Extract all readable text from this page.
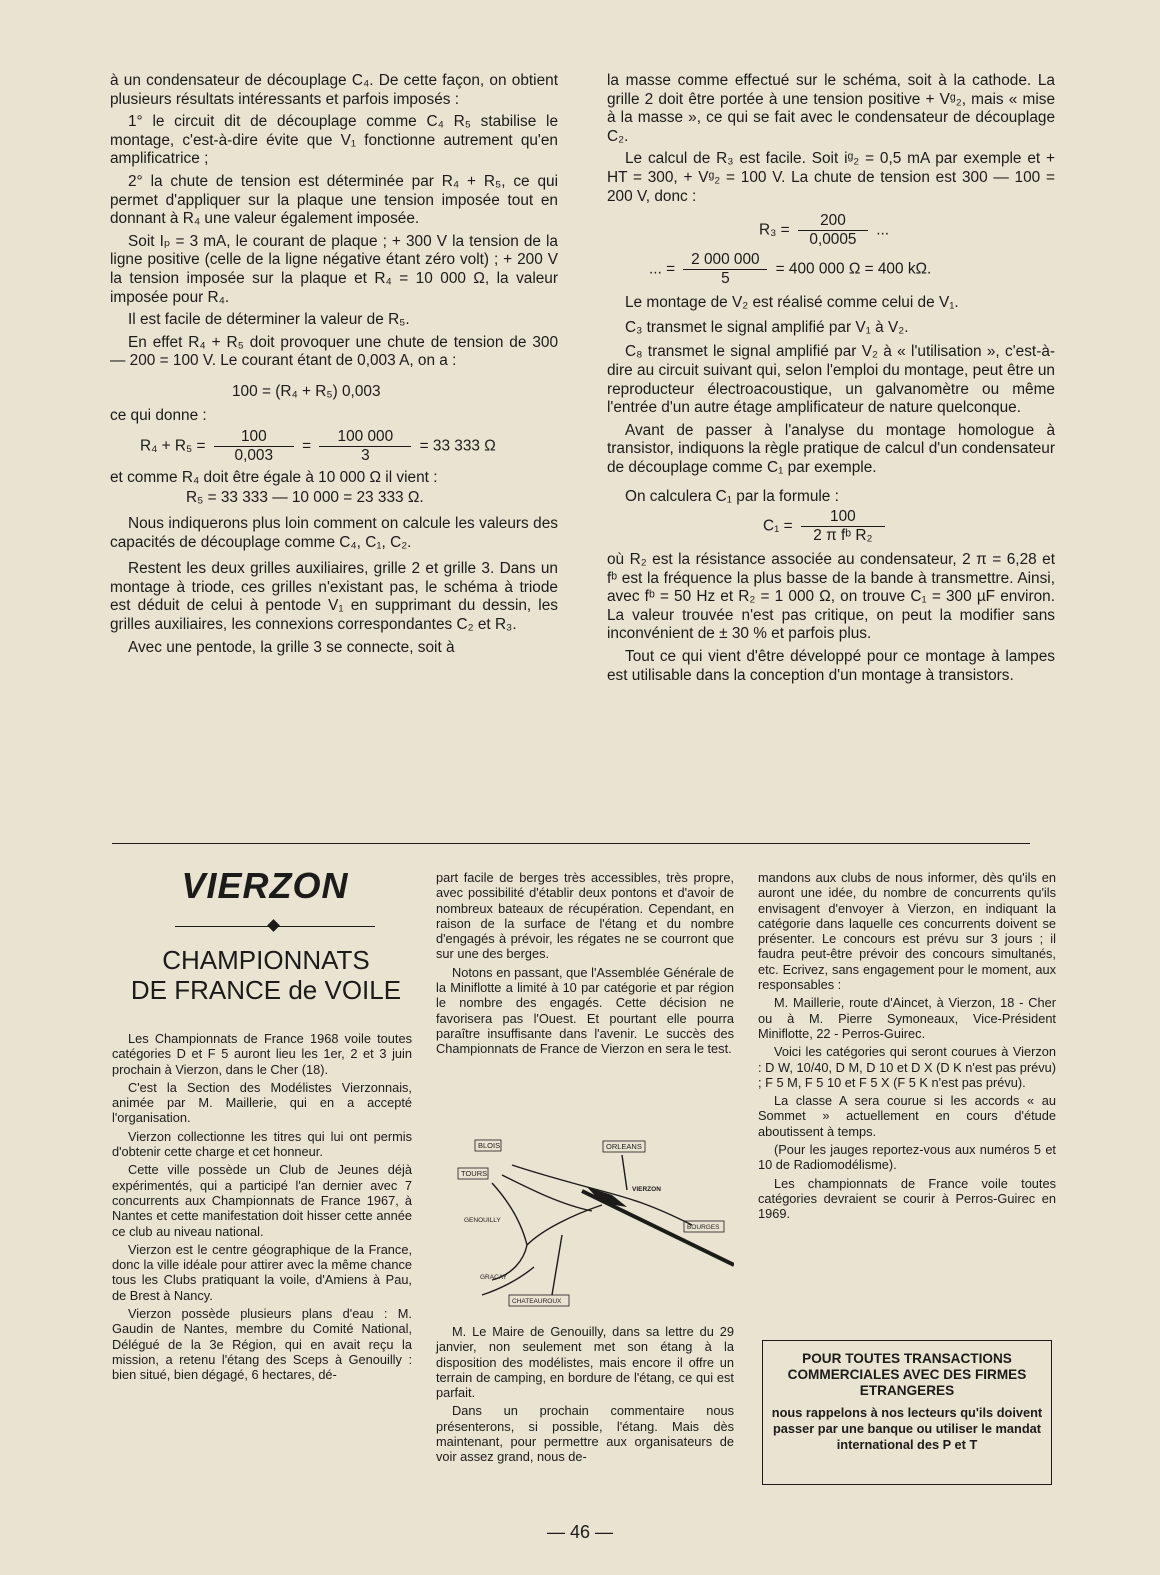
à un condensateur de découplage C₄. De cette façon, on obtient plusieurs résultats intéressants et parfois imposés :

1° le circuit dit de découplage comme C₄ R₅ stabilise le montage, c'est-à-dire évite que V₁ fonctionne autrement qu'en amplificatrice ;

2° la chute de tension est déterminée par R₄ + R₅, ce qui permet d'appliquer sur la plaque une tension imposée tout en donnant à R₄ une valeur également imposée.

Soit Iₚ = 3 mA, le courant de plaque ; + 300 V la tension de la ligne positive (celle de la ligne négative étant zéro volt) ; + 200 V la tension imposée sur la plaque et R₄ = 10 000 Ω, la valeur imposée pour R₄.

Il est facile de déterminer la valeur de R₅.

En effet R₄ + R₅ doit provoquer une chute de tension de 300 — 200 = 100 V. Le courant étant de 0,003 A, on a :

100 = (R₄ + R₅) 0,003

ce qui donne :

$R_4 + R_5 = \frac{100}{0,003} = \frac{100 000}{3} = 33$ 333 Ω

et comme R₄ doit être égale à 10 000 Ω il vient :

R₅ = 33 333 — 10 000 = 23 333 Ω.

Nous indiquerons plus loin comment on calcule les valeurs des capacités de découplage comme C₄, C₁, C₂.

Restent les deux grilles auxiliaires, grille 2 et grille 3. Dans un montage à triode, ces grilles n'existant pas, le schéma à triode est déduit de celui à pentode V₁ en supprimant du dessin, les grilles auxiliaires, les connexions correspondantes C₂ et R₃.

Avec une pentode, la grille 3 se connecte, soit à

la masse comme effectué sur le schéma, soit à la cathode. La grille 2 doit être portée à une tension positive + Vᵍ₂, mais « mise à la masse », ce qui se fait avec le condensateur de découplage C₂.

Le calcul de R₃ est facile. Soit iᵍ₂ = 0,5 mA par exemple et + HT = 300, + Vᵍ₂ = 100 V. La chute de tension est 300 — 100 = 200 V, donc :

$R_3 = \frac{200}{0,0005}$ ...
... = $\frac{2 000 000}{5} = 400$ 000 Ω = 400 kΩ.

Le montage de V₂ est réalisé comme celui de V₁.

C₃ transmet le signal amplifié par V₁ à V₂.

C₈ transmet le signal amplifié par V₂ à « l'utilisation », c'est-à-dire au circuit suivant qui, selon l'emploi du montage, peut être un reproducteur électroacoustique, un galvanomètre ou même l'entrée d'un autre étage amplificateur de nature quelconque.

Avant de passer à l'analyse du montage homologue à transistor, indiquons la règle pratique de calcul d'un condensateur de découplage comme C₁ par exemple.

On calculera C₁ par la formule :

$C_1 = \frac{100}{\text{2 π fᵇ R₂}}$

où R₂ est la résistance associée au condensateur, 2 π = 6,28 et fᵇ est la fréquence la plus basse de la bande à transmettre. Ainsi, avec fᵇ = 50 Hz et R₂ = 1 000 Ω, on trouve C₁ = 300 µF environ. La valeur trouvée n'est pas critique, on peut la modifier sans inconvénient de ± 30 % et parfois plus.

Tout ce qui vient d'être développé pour ce montage à lampes est utilisable dans la conception d'un montage à transistors.

VIERZON
CHAMPIONNATS
DE FRANCE de VOILE

Les Championnats de France 1968 voile toutes catégories D et F 5 auront lieu les 1er, 2 et 3 juin prochain à Vierzon, dans le Cher (18).

C'est la Section des Modélistes Vierzonnais, animée par M. Maillerie, qui en a accepté l'organisation.

Vierzon collectionne les titres qui lui ont permis d'obtenir cette charge et cet honneur.

Cette ville possède un Club de Jeunes déjà expérimentés, qui a participé l'an dernier avec 7 concurrents aux Championnats de France 1967, à Nantes et cette manifestation doit hisser cette année ce club au niveau national.

Vierzon est le centre géographique de la France, donc la ville idéale pour attirer avec la même chance tous les Clubs pratiquant la voile, d'Amiens à Pau, de Brest à Nancy.

Vierzon possède plusieurs plans d'eau : M. Gaudin de Nantes, membre du Comité National, Délégué de la 3e Région, qui en avait reçu la mission, a retenu l'étang des Sceps à Genouilly : bien situé, bien dégagé, 6 hectares, dé-

part facile de berges très accessibles, très propre, avec possibilité d'établir deux pontons et d'avoir de nombreux bateaux de récupération. Cependant, en raison de la surface de l'étang et du nombre d'engagés à prévoir, les régates ne se courront que sur une des berges.

Notons en passant, que l'Assemblée Générale de la Miniflotte a limité à 10 par catégorie et par région le nombre des engagés. Cette décision ne favorisera pas l'Ouest. Et pourtant elle pourra paraître insuffisante dans l'avenir. Le succès des Championnats de France de Vierzon en sera le test.

BLOIS	ORLEANS
TOURS
VIERZON
GENOUILLY
BOURGES
GRACAY
CHATEAUROUX

M. Le Maire de Genouilly, dans sa lettre du 29 janvier, non seulement met son étang à la disposition des modélistes, mais encore il offre un terrain de camping, en bordure de l'étang, ce qui est parfait.

Dans un prochain commentaire nous présenterons, si possible, l'étang. Mais dès maintenant, pour permettre aux organisateurs de voir assez grand, nous de-

mandons aux clubs de nous informer, dès qu'ils en auront une idée, du nombre de concurrents qu'ils envisagent d'envoyer à Vierzon, en indiquant la catégorie dans laquelle ces concurrents doivent se présenter. Le concours est prévu sur 3 jours ; il faudra peut-être prévoir des concours simultanés, etc. Ecrivez, sans engagement pour le moment, aux responsables :

M. Maillerie, route d'Aincet, à Vierzon, 18 - Cher ou à M. Pierre Symoneaux, Vice-Président Miniflotte, 22 - Perros-Guirec.

Voici les catégories qui seront courues à Vierzon : D W, 10/40, D M, D 10 et D X (D K n'est pas prévu) ; F 5 M, F 5 10 et F 5 X (F 5 K n'est pas prévu).

La classe A sera courue si les accords « au Sommet » actuellement en cours d'étude aboutissent à temps.

(Pour les jauges reportez-vous aux numéros 5 et 10 de Radiomodélisme).

Les championnats de France voile toutes catégories devraient se courir à Perros-Guirec en 1969.

POUR TOUTES TRANSACTIONS COMMERCIALES AVEC DES FIRMES ETRANGERES
nous rappelons à nos lecteurs qu'ils doivent passer par une banque ou utiliser le mandat international des P et T
— 46 —
